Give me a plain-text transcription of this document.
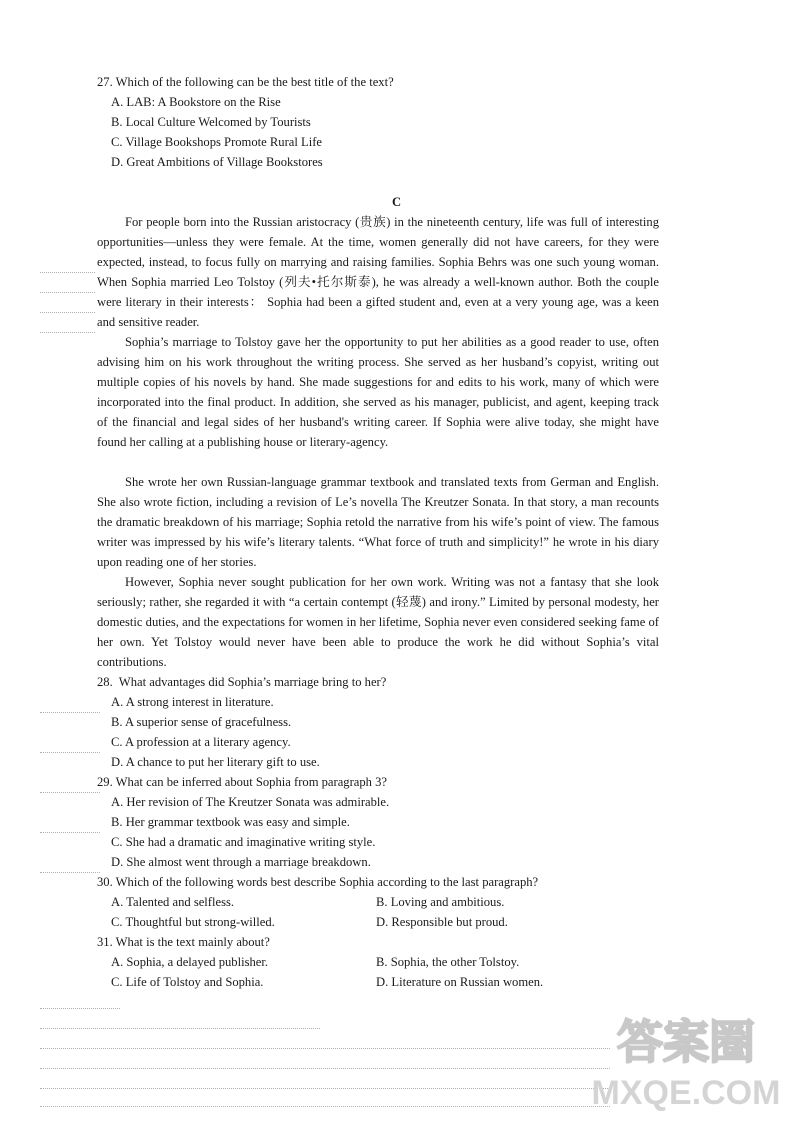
27. Which of the following can be the best title of the text?
A. LAB: A Bookstore on the Rise
B. Local Culture Welcomed by Tourists
C. Village Bookshops Promote Rural Life
D. Great Ambitions of Village Bookstores
C
For people born into the Russian aristocracy (贵族) in the nineteenth century, life was full of interesting opportunities—unless they were female. At the time, women generally did not have careers, for they were expected, instead, to focus fully on marrying and raising families. Sophia Behrs was one such young woman. When Sophia married Leo Tolstoy (列夫•托尔斯泰), he was already a well-known author. Both the couple were literary in their interests： Sophia had been a gifted student and, even at a very young age, was a keen and sensitive reader.
Sophia’s marriage to Tolstoy gave her the opportunity to put her abilities as a good reader to use, often advising him on his work throughout the writing process. She served as her husband’s copyist, writing out multiple copies of his novels by hand. She made suggestions for and edits to his work, many of which were incorporated into the final product. In addition, she served as his manager, publicist, and agent, keeping track of the financial and legal sides of her husband's writing career. If Sophia were alive today, she might have found her calling at a publishing house or literary-agency.
She wrote her own Russian-language grammar textbook and translated texts from German and English. She also wrote fiction, including a revision of Le’s novella The Kreutzer Sonata. In that story, a man recounts the dramatic breakdown of his marriage; Sophia retold the narrative from his wife’s point of view. The famous writer was impressed by his wife’s literary talents. “What force of truth and simplicity!” he wrote in his diary upon reading one of her stories.
However, Sophia never sought publication for her own work. Writing was not a fantasy that she look seriously; rather, she regarded it with “a certain contempt (轻蔑) and irony.” Limited by personal modesty, her domestic duties, and the expectations for women in her lifetime, Sophia never even considered seeking fame of her own. Yet Tolstoy would never have been able to produce the work he did without Sophia’s vital contributions.
28.  What advantages did Sophia’s marriage bring to her?
A. A strong interest in literature.
B. A superior sense of gracefulness.
C. A profession at a literary agency.
D. A chance to put her literary gift to use.
29. What can be inferred about Sophia from paragraph 3?
A. Her revision of The Kreutzer Sonata was admirable.
B. Her grammar textbook was easy and simple.
C. She had a dramatic and imaginative writing style.
D. She almost went through a marriage breakdown.
30. Which of the following words best describe Sophia according to the last paragraph?
A. Talented and selfless.	B. Loving and ambitious.
C. Thoughtful but strong-willed.	D. Responsible but proud.
31. What is the text mainly about?
A. Sophia, a delayed publisher.	B. Sophia, the other Tolstoy.
C. Life of Tolstoy and Sophia.	D. Literature on Russian women.
答案圈
MXQE.COM
